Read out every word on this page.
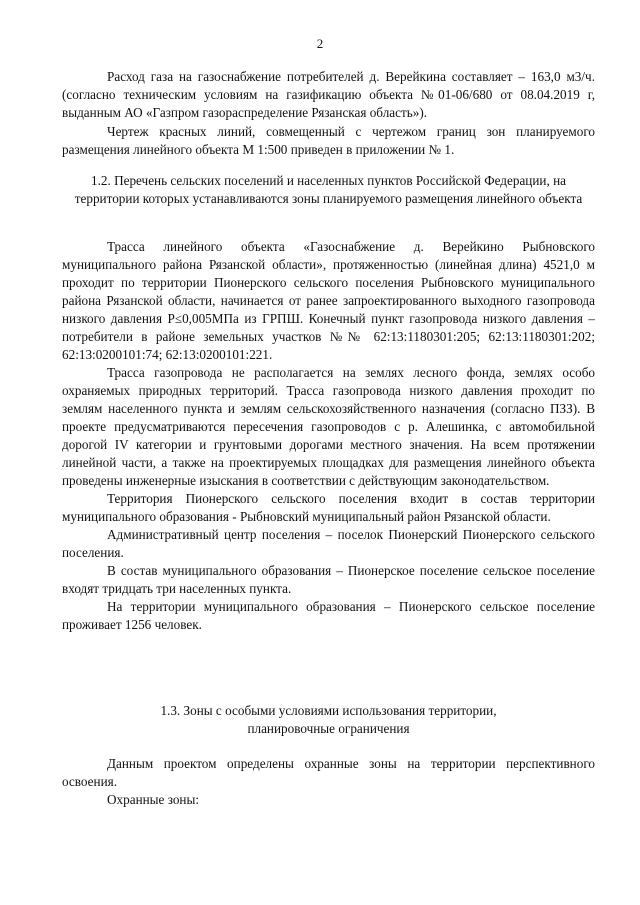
2

Расход газа на газоснабжение потребителей д. Верейкина составляет – 163,0 м3/ч. (согласно техническим условиям на газификацию объекта №01-06/680 от 08.04.2019 г, выданным АО «Газпром газораспределение Рязанская область»).

Чертеж красных линий, совмещенный с чертежом границ зон планируемого размещения линейного объекта М 1:500 приведен в приложении № 1.

1.2. Перечень сельских поселений и населенных пунктов Российской Федерации, на территории которых устанавливаются зоны планируемого размещения линейного объекта

Трасса линейного объекта «Газоснабжение д. Верейкино Рыбновского муниципального района Рязанской области», протяженностью (линейная длина) 4521,0 м проходит по территории Пионерского сельского поселения Рыбновского муниципального района Рязанской области, начинается от ранее запроектированного выходного газопровода низкого давления Р≤0,005МПа из ГРПШ. Конечный пункт газопровода низкого давления – потребители в районе земельных участков №№ 62:13:1180301:205; 62:13:1180301:202; 62:13:0200101:74; 62:13:0200101:221.

Трасса газопровода не располагается на землях лесного фонда, землях особо охраняемых природных территорий. Трасса газопровода низкого давления проходит по землям населенного пункта и землям сельскохозяйственного назначения (согласно ПЗЗ). В проекте предусматриваются пересечения газопроводов с р. Алешинка, с автомобильной дорогой IV категории и грунтовыми дорогами местного значения. На всем протяжении линейной части, а также на проектируемых площадках для размещения линейного объекта проведены инженерные изыскания в соответствии с действующим законодательством.

Территория Пионерского сельского поселения входит в состав территории муниципального образования - Рыбновский муниципальный район Рязанской области.

Административный центр поселения – поселок Пионерский Пионерского сельского поселения.

В состав муниципального образования – Пионерское поселение сельское поселение входят тридцать три населенных пункта.

На территории муниципального образования – Пионерского сельское поселение проживает 1256 человек.

1.3. Зоны с особыми условиями использования территории, планировочные ограничения

Данным проектом определены охранные зоны на территории перспективного освоения.

Охранные зоны:
